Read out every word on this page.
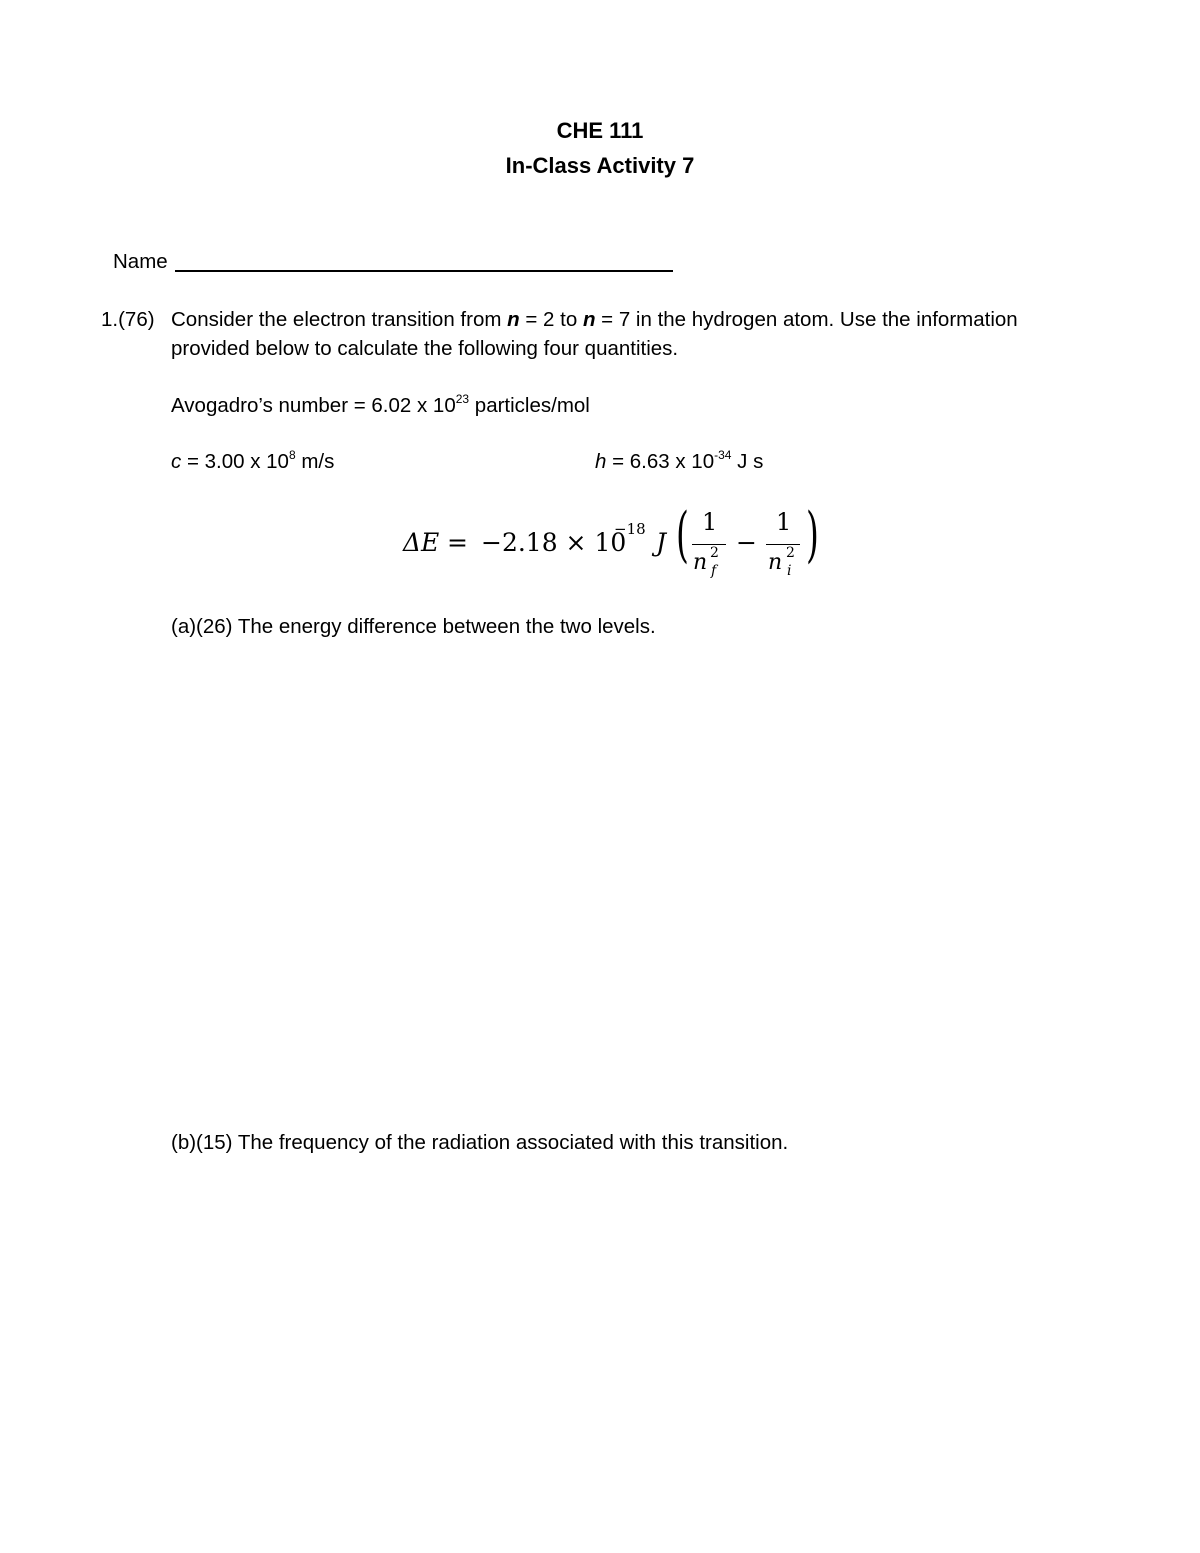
CHE 111
In-Class Activity 7
Name
1.(76) Consider the electron transition from n = 2 to n = 7 in the hydrogen atom. Use the information
provided below to calculate the following four quantities.
Avogadro’s number = 6.02 x $10^{23}$ particles/mol
c = 3.00 x $10^8$ m/s	h = 6.63 x $10^{-34}$ J s
ΔE = −2.18 × 10
−18 J ( 1
n 2
f
−
1
n 2
i
)
(a)(26) The energy difference between the two levels.
(b)(15) The frequency of the radiation associated with this transition.
